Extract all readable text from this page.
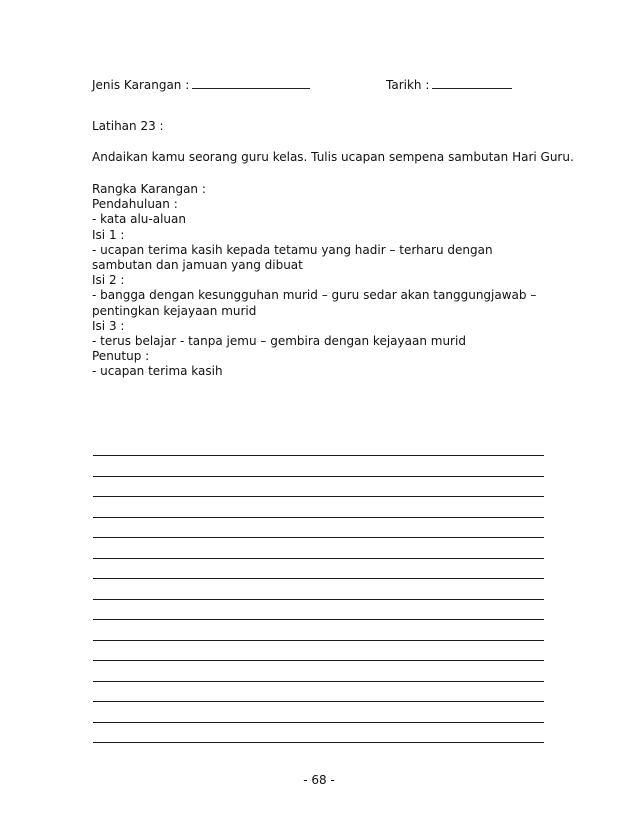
Jenis Karangan :	Tarikh :
Latihan 23 :
Andaikan kamu seorang guru kelas. Tulis ucapan sempena sambutan Hari Guru.
Rangka Karangan :
Pendahuluan :
- kata alu-aluan
Isi 1 :
- ucapan terima kasih kepada tetamu yang hadir – terharu dengan sambutan dan jamuan yang dibuat
Isi 2 :
- bangga dengan kesungguhan murid – guru sedar akan tanggungjawab – pentingkan kejayaan murid
Isi 3 :
- terus belajar - tanpa jemu – gembira dengan kejayaan murid
Penutup :
- ucapan terima kasih
- 68 -
